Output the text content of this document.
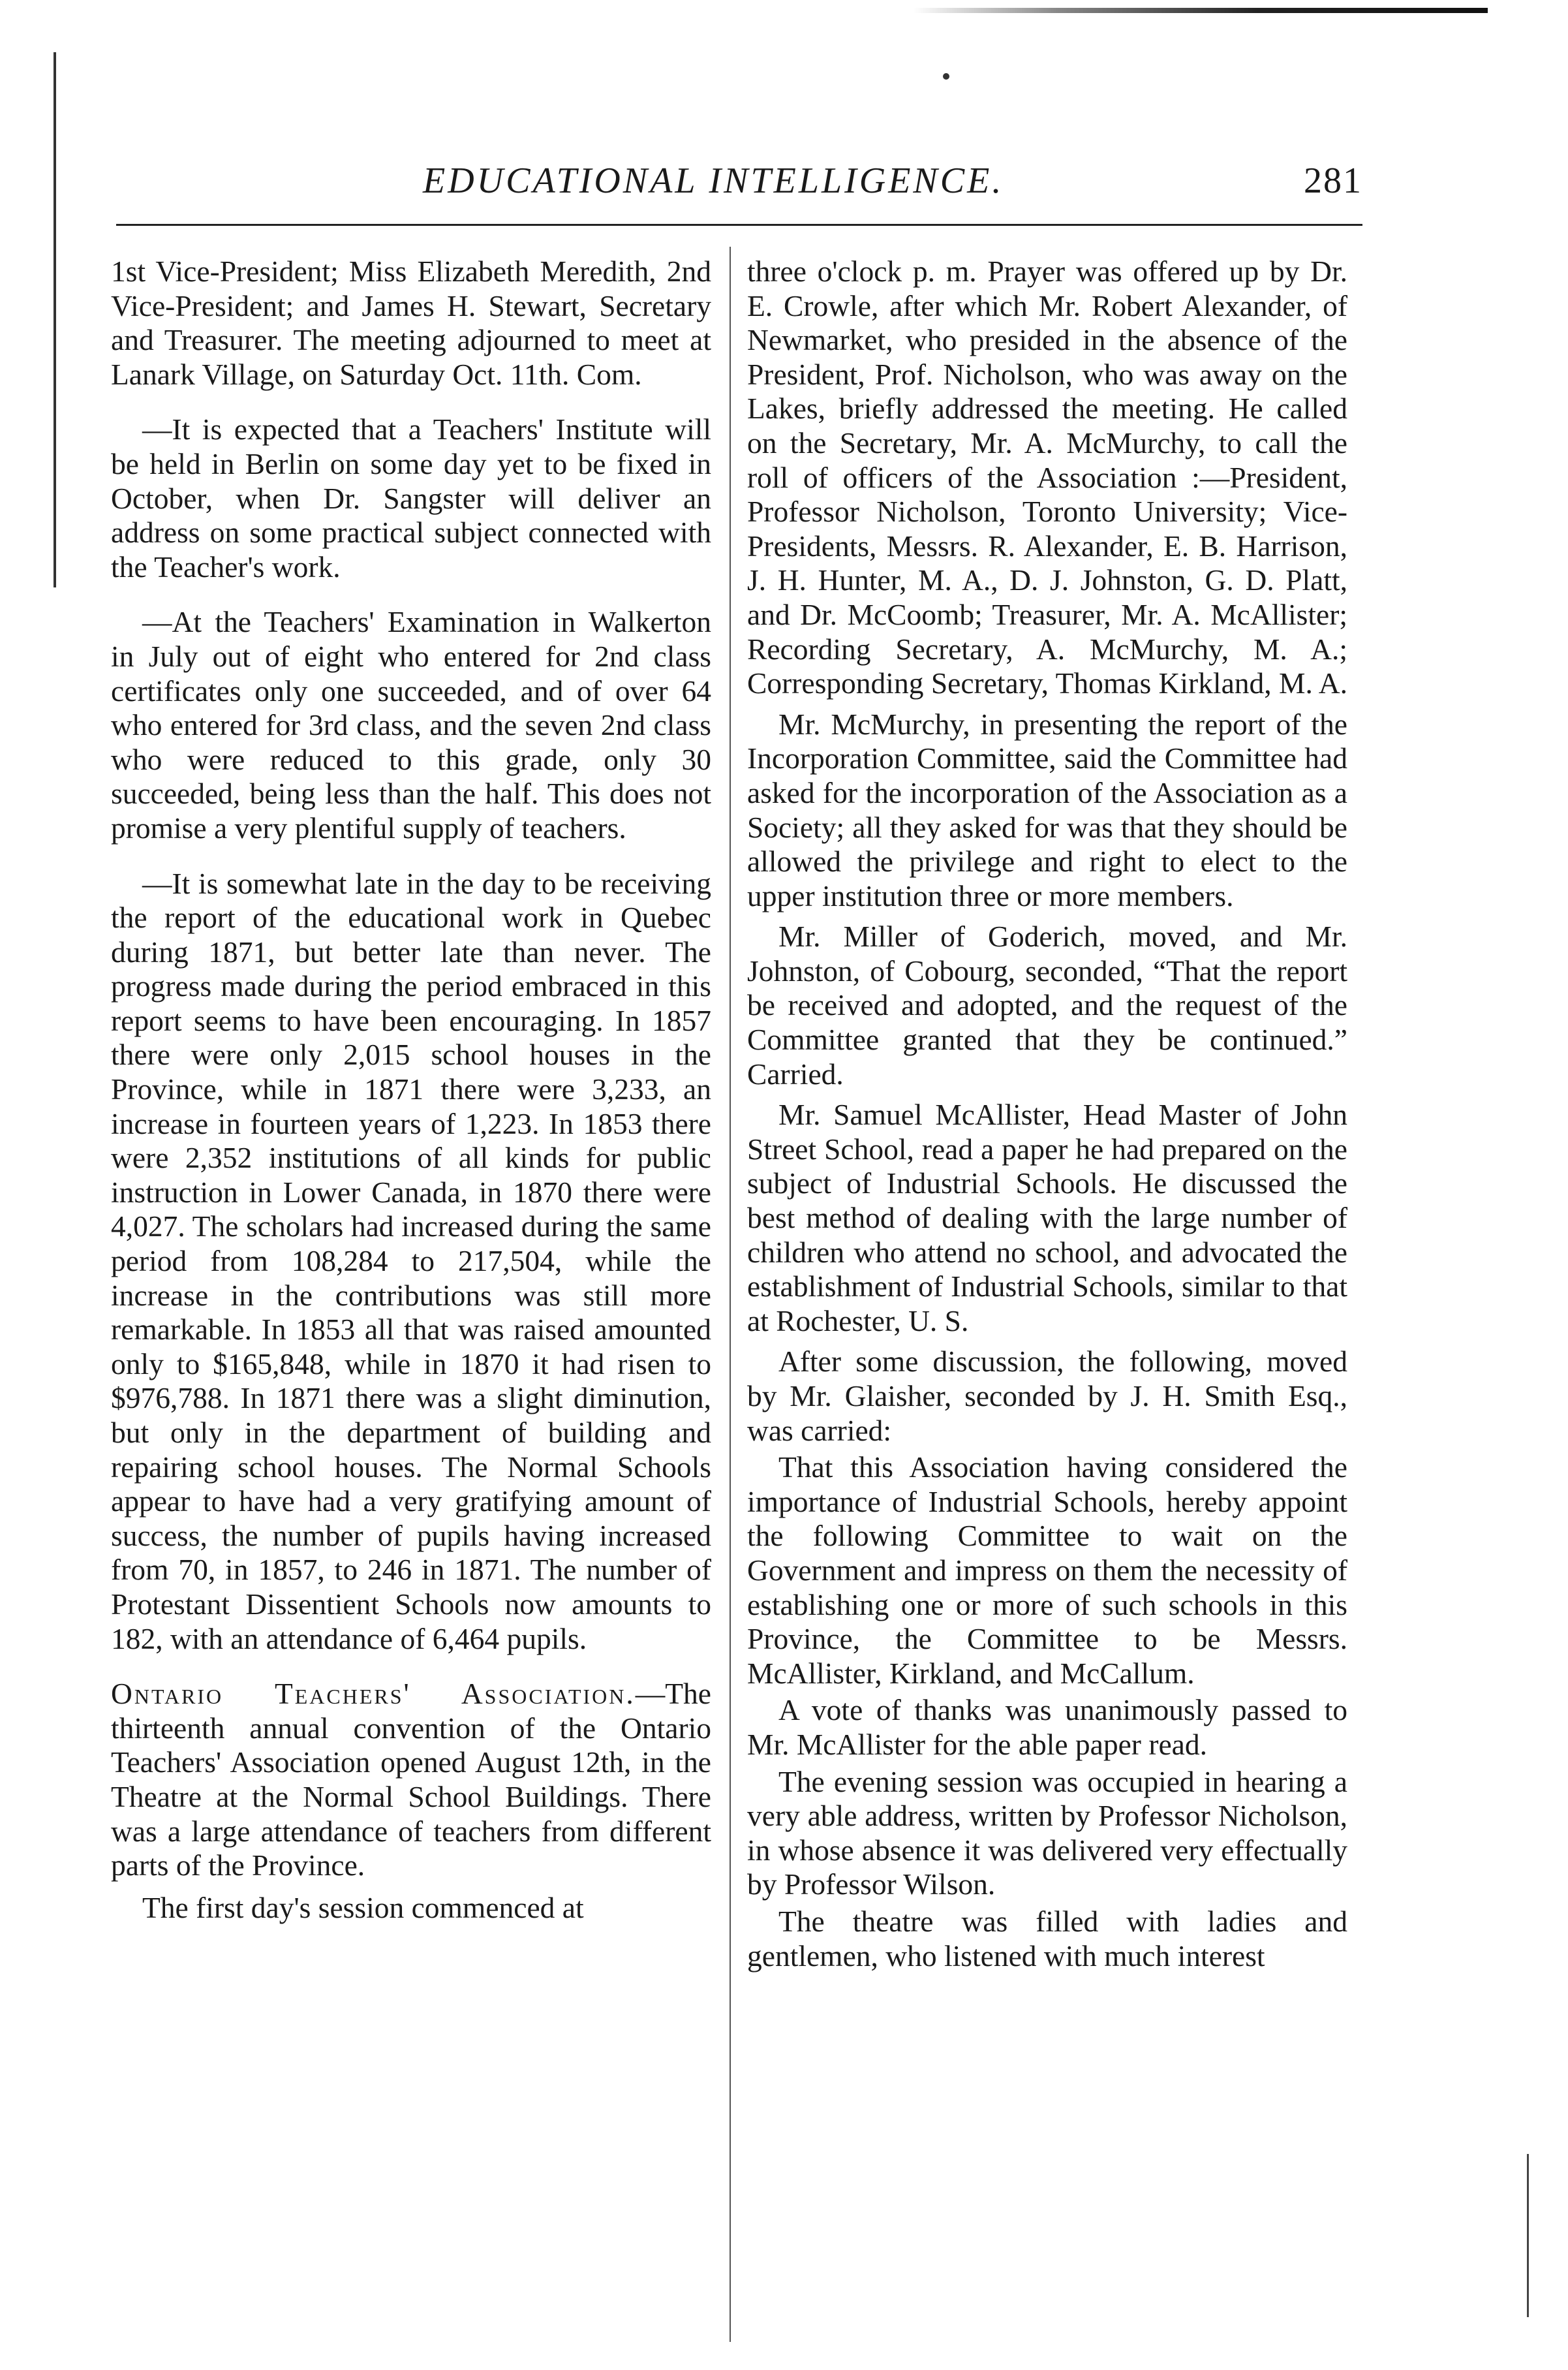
EDUCATIONAL INTELLIGENCE.	281

1st Vice-President; Miss Elizabeth Meredith, 2nd Vice-President; and James H. Stewart, Secretary and Treasurer. The meeting adjourned to meet at Lanark Village, on Saturday Oct. 11th. Com.

—It is expected that a Teachers' Institute will be held in Berlin on some day yet to be fixed in October, when Dr. Sangster will deliver an address on some practical subject connected with the Teacher's work.

—At the Teachers' Examination in Walkerton in July out of eight who entered for 2nd class certificates only one succeeded, and of over 64 who entered for 3rd class, and the seven 2nd class who were reduced to this grade, only 30 succeeded, being less than the half. This does not promise a very plentiful supply of teachers.

—It is somewhat late in the day to be receiving the report of the educational work in Quebec during 1871, but better late than never. The progress made during the period embraced in this report seems to have been encouraging. In 1857 there were only 2,015 school houses in the Province, while in 1871 there were 3,233, an increase in fourteen years of 1,223. In 1853 there were 2,352 institutions of all kinds for public instruction in Lower Canada, in 1870 there were 4,027. The scholars had increased during the same period from 108,284 to 217,504, while the increase in the contributions was still more remarkable. In 1853 all that was raised amounted only to $165,848, while in 1870 it had risen to $976,788. In 1871 there was a slight diminution, but only in the department of building and repairing school houses. The Normal Schools appear to have had a very gratifying amount of success, the number of pupils having increased from 70, in 1857, to 246 in 1871. The number of Protestant Dissentient Schools now amounts to 182, with an attendance of 6,464 pupils.

Ontario Teachers' Association.—The thirteenth annual convention of the Ontario Teachers' Association opened August 12th, in the Theatre at the Normal School Buildings. There was a large attendance of teachers from different parts of the Province.

The first day's session commenced at

three o'clock p. m. Prayer was offered up by Dr. E. Crowle, after which Mr. Robert Alexander, of Newmarket, who presided in the absence of the President, Prof. Nicholson, who was away on the Lakes, briefly addressed the meeting. He called on the Secretary, Mr. A. McMurchy, to call the roll of officers of the Association :—President, Professor Nicholson, Toronto University; Vice-Presidents, Messrs. R. Alexander, E. B. Harrison, J. H. Hunter, M. A., D. J. Johnston, G. D. Platt, and Dr. McCoomb; Treasurer, Mr. A. McAllister; Recording Secretary, A. McMurchy, M. A.; Corresponding Secretary, Thomas Kirkland, M. A.

Mr. McMurchy, in presenting the report of the Incorporation Committee, said the Committee had asked for the incorporation of the Association as a Society; all they asked for was that they should be allowed the privilege and right to elect to the upper institution three or more members.

Mr. Miller of Goderich, moved, and Mr. Johnston, of Cobourg, seconded, “That the report be received and adopted, and the request of the Committee granted that they be continued.” Carried.

Mr. Samuel McAllister, Head Master of John Street School, read a paper he had prepared on the subject of Industrial Schools. He discussed the best method of dealing with the large number of children who attend no school, and advocated the establishment of Industrial Schools, similar to that at Rochester, U. S.

After some discussion, the following, moved by Mr. Glaisher, seconded by J. H. Smith Esq., was carried:

That this Association having considered the importance of Industrial Schools, hereby appoint the following Committee to wait on the Government and impress on them the necessity of establishing one or more of such schools in this Province, the Committee to be Messrs. McAllister, Kirkland, and McCallum.

A vote of thanks was unanimously passed to Mr. McAllister for the able paper read.

The evening session was occupied in hearing a very able address, written by Professor Nicholson, in whose absence it was delivered very effectually by Professor Wilson.

The theatre was filled with ladies and gentlemen, who listened with much interest
